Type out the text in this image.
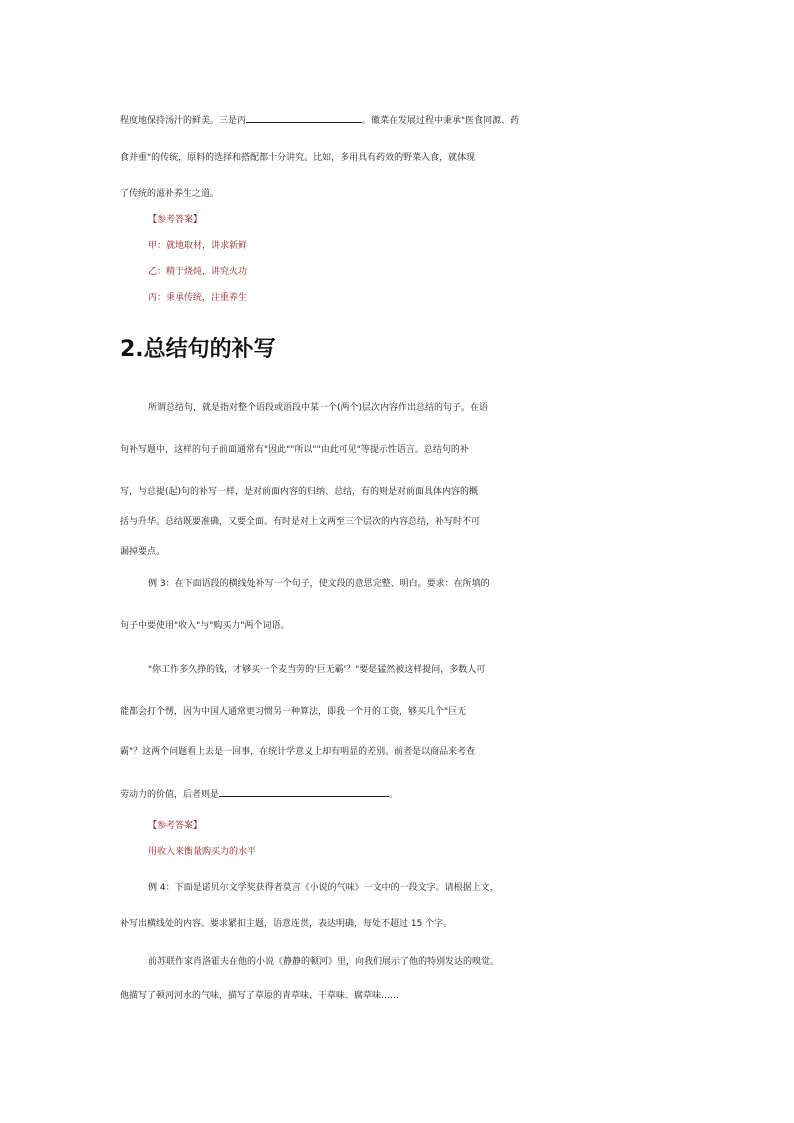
程度地保持汤汁的鲜美。三是丙	。徽菜在发展过程中秉承"医食同源、药
食并重"的传统，原料的选择和搭配都十分讲究。比如，多用具有药效的野菜入食，就体现
了传统的滋补养生之道。
【参考答案】
甲：就地取材，讲求新鲜
乙：精于烧炖，讲究火功
丙：秉承传统，注重养生
2.总结句的补写
所谓总结句，就是指对整个语段或语段中某一个(两个)层次内容作出总结的句子。在语
句补写题中，这样的句子前面通常有"因此""所以""由此可见"等提示性语言。总结句的补
写，与总提(起)句的补写一样，是对前面内容的归纳、总结，有的则是对前面具体内容的概
括与升华。总结既要准确，又要全面。有时是对上文两至三个层次的内容总结，补写时不可
漏掉要点。
例 3：在下面语段的横线处补写一个句子，使文段的意思完整、明白。要求：在所填的
句子中要使用"收入"与"购买力"两个词语。
"你工作多久挣的钱，才够买一个麦当劳的'巨无霸'？"要是猛然被这样提问，多数人可
能都会打个愣，因为中国人通常更习惯另一种算法，即我一个月的工资，够买几个"巨无
霸"？这两个问题看上去是一回事，在统计学意义上却有明显的差别。前者是以商品来考查
劳动力的价值，后者则是	。
【参考答案】
用收入来衡量购买力的水平
例 4：下面是诺贝尔文学奖获得者莫言《小说的气味》一文中的一段文字。请根据上文，
补写出横线处的内容。要求紧扣主题，语意连贯，表达明确，每处不超过 15 个字。
前苏联作家肖洛霍夫在他的小说《静静的顿河》里，向我们展示了他的特别发达的嗅觉。
他描写了顿河河水的气味，描写了草原的青草味、干草味、腐草味……
